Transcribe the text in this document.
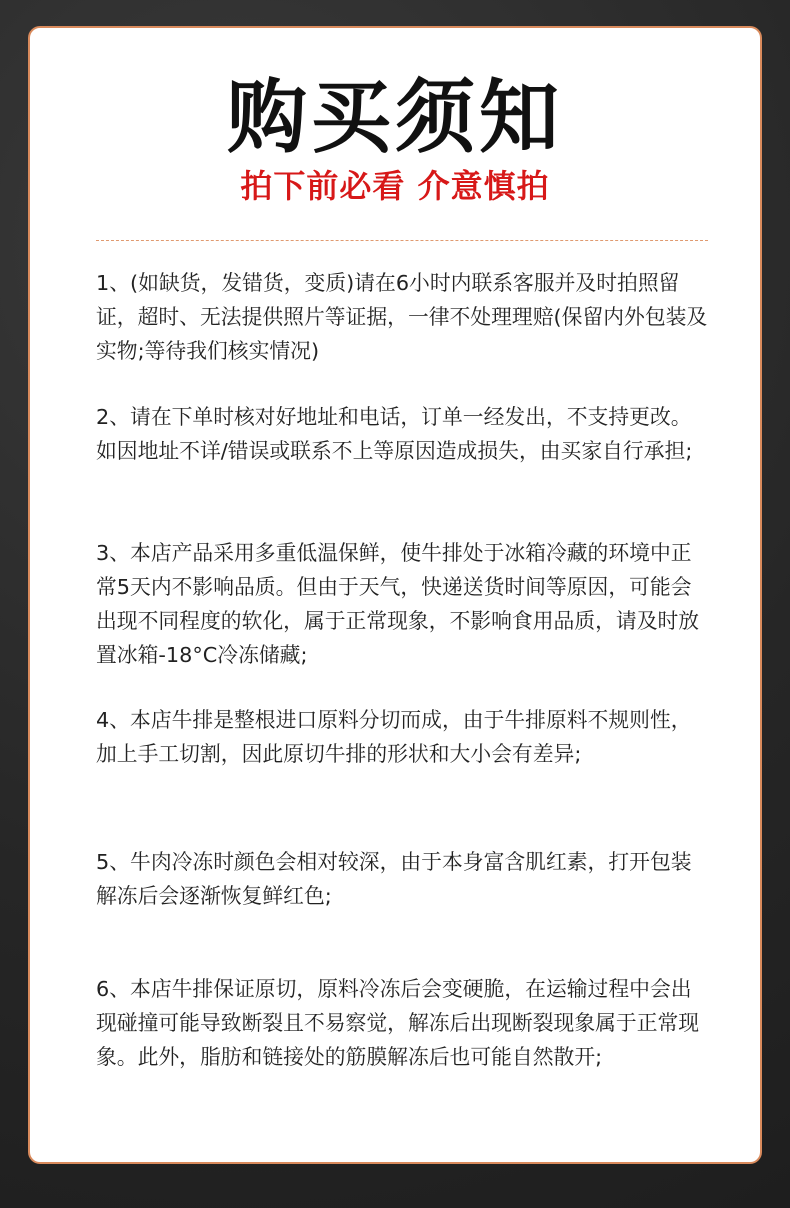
购买须知
拍下前必看 介意慎拍

1、(如缺货，发错货，变质)请在6小时内联系客服并及时拍照留证，超时、无法提供照片等证据，一律不处理理赔(保留内外包装及实物;等待我们核实情况)

2、请在下单时核对好地址和电话，订单一经发出，不支持更改。如因地址不详/错误或联系不上等原因造成损失，由买家自行承担;

3、本店产品采用多重低温保鲜，使牛排处于冰箱冷藏的环境中正常5天内不影响品质。但由于天气，快递送货时间等原因，可能会出现不同程度的软化，属于正常现象，不影响食用品质，请及时放置冰箱-18°C冷冻储藏;

4、本店牛排是整根进口原料分切而成，由于牛排原料不规则性，加上手工切割，因此原切牛排的形状和大小会有差异;

5、牛肉冷冻时颜色会相对较深，由于本身富含肌红素，打开包装解冻后会逐渐恢复鲜红色;

6、本店牛排保证原切，原料冷冻后会变硬脆，在运输过程中会出现碰撞可能导致断裂且不易察觉，解冻后出现断裂现象属于正常现象。此外，脂肪和链接处的筋膜解冻后也可能自然散开;
